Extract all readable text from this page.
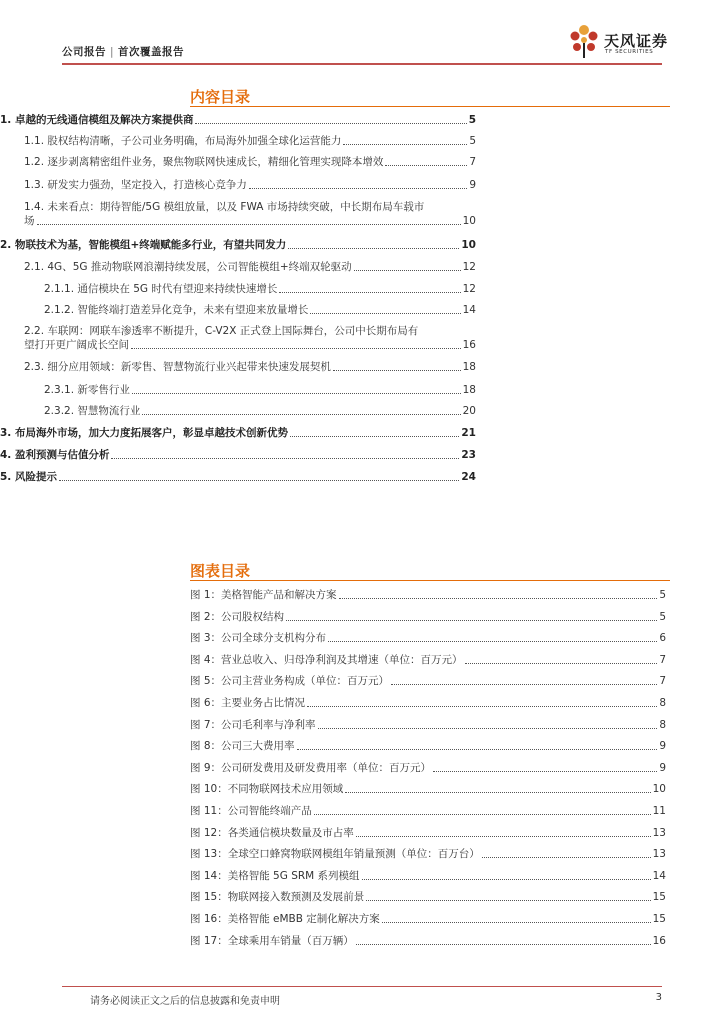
公司报告 | 首次覆盖报告
天风证券
TF SECURITIES
内容目录
1. 卓越的无线通信模组及解决方案提供商	5
1.1. 股权结构清晰，子公司业务明确，布局海外加强全球化运营能力	5
1.2. 逐步剥离精密组件业务，聚焦物联网快速成长，精细化管理实现降本增效	7
1.3. 研发实力强劲，坚定投入，打造核心竞争力	9
1.4. 未来看点：期待智能/5G 模组放量，以及 FWA 市场持续突破，中长期布局车载市
场	10
2. 物联技术为基，智能模组+终端赋能多行业，有望共同发力	10
2.1. 4G、5G 推动物联网浪潮持续发展，公司智能模组+终端双轮驱动	12
2.1.1. 通信模块在 5G 时代有望迎来持续快速增长	12
2.1.2. 智能终端打造差异化竞争，未来有望迎来放量增长	14
2.2. 车联网：网联车渗透率不断提升，C-V2X 正式登上国际舞台，公司中长期布局有
望打开更广阔成长空间	16
2.3. 细分应用领域：新零售、智慧物流行业兴起带来快速发展契机	18
2.3.1. 新零售行业	18
2.3.2. 智慧物流行业	20
3. 布局海外市场，加大力度拓展客户，彰显卓越技术创新优势	21
4. 盈利预测与估值分析	23
5. 风险提示	24
图表目录
图 1：美格智能产品和解决方案	5
图 2：公司股权结构	5
图 3：公司全球分支机构分布	6
图 4：营业总收入、归母净利润及其增速（单位：百万元）	7
图 5：公司主营业务构成（单位：百万元）	7
图 6：主要业务占比情况	8
图 7：公司毛利率与净利率	8
图 8：公司三大费用率	9
图 9：公司研发费用及研发费用率（单位：百万元）	9
图 10：不同物联网技术应用领域	10
图 11：公司智能终端产品	11
图 12：各类通信模块数量及市占率	13
图 13：全球空口蜂窝物联网模组年销量预测（单位：百万台）	13
图 14：美格智能 5G SRM 系列模组	14
图 15：物联网接入数预测及发展前景	15
图 16：美格智能 eMBB 定制化解决方案	15
图 17：全球乘用车销量（百万辆）	16
请务必阅读正文之后的信息披露和免责申明	3
